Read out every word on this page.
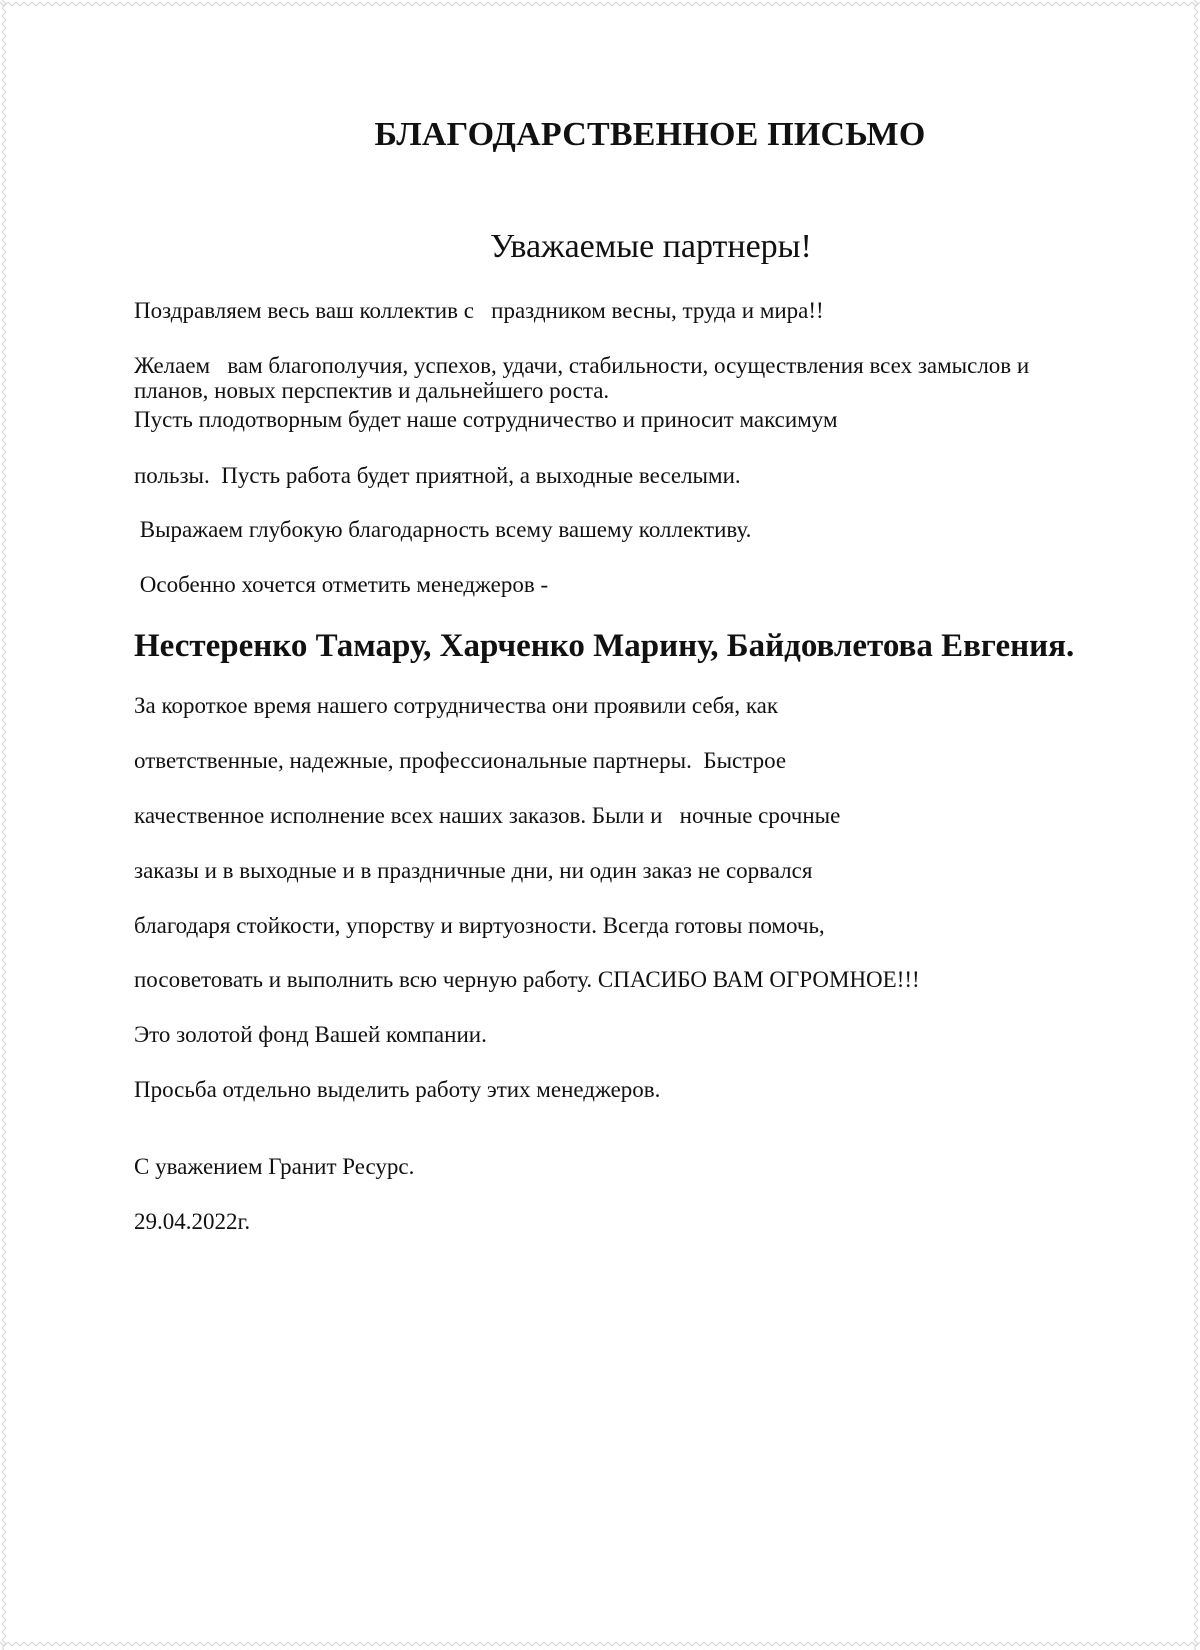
БЛАГОДАРСТВЕННОЕ ПИСЬМО
Уважаемые партнеры!
Поздравляем весь ваш коллектив с   праздником весны, труда и мира!!
Желаем   вам благополучия, успехов, удачи, стабильности, осуществления всех замыслов и
планов, новых перспектив и дальнейшего роста.
Пусть плодотворным будет наше сотрудничество и приносит максимум
пользы.  Пусть работа будет приятной, а выходные веселыми.
Выражаем глубокую благодарность всему вашему коллективу.
Особенно хочется отметить менеджеров -
Нестеренко Тамару, Харченко Марину, Байдовлетова Евгения.
За короткое время нашего сотрудничества они проявили себя, как
ответственные, надежные, профессиональные партнеры.  Быстрое
качественное исполнение всех наших заказов. Были и   ночные срочные
заказы и в выходные и в праздничные дни, ни один заказ не сорвался
благодаря стойкости, упорству и виртуозности. Всегда готовы помочь,
посоветовать и выполнить всю черную работу. СПАСИБО ВАМ ОГРОМНОЕ!!!
Это золотой фонд Вашей компании.
Просьба отдельно выделить работу этих менеджеров.
С уважением Гранит Ресурс.
29.04.2022г.
